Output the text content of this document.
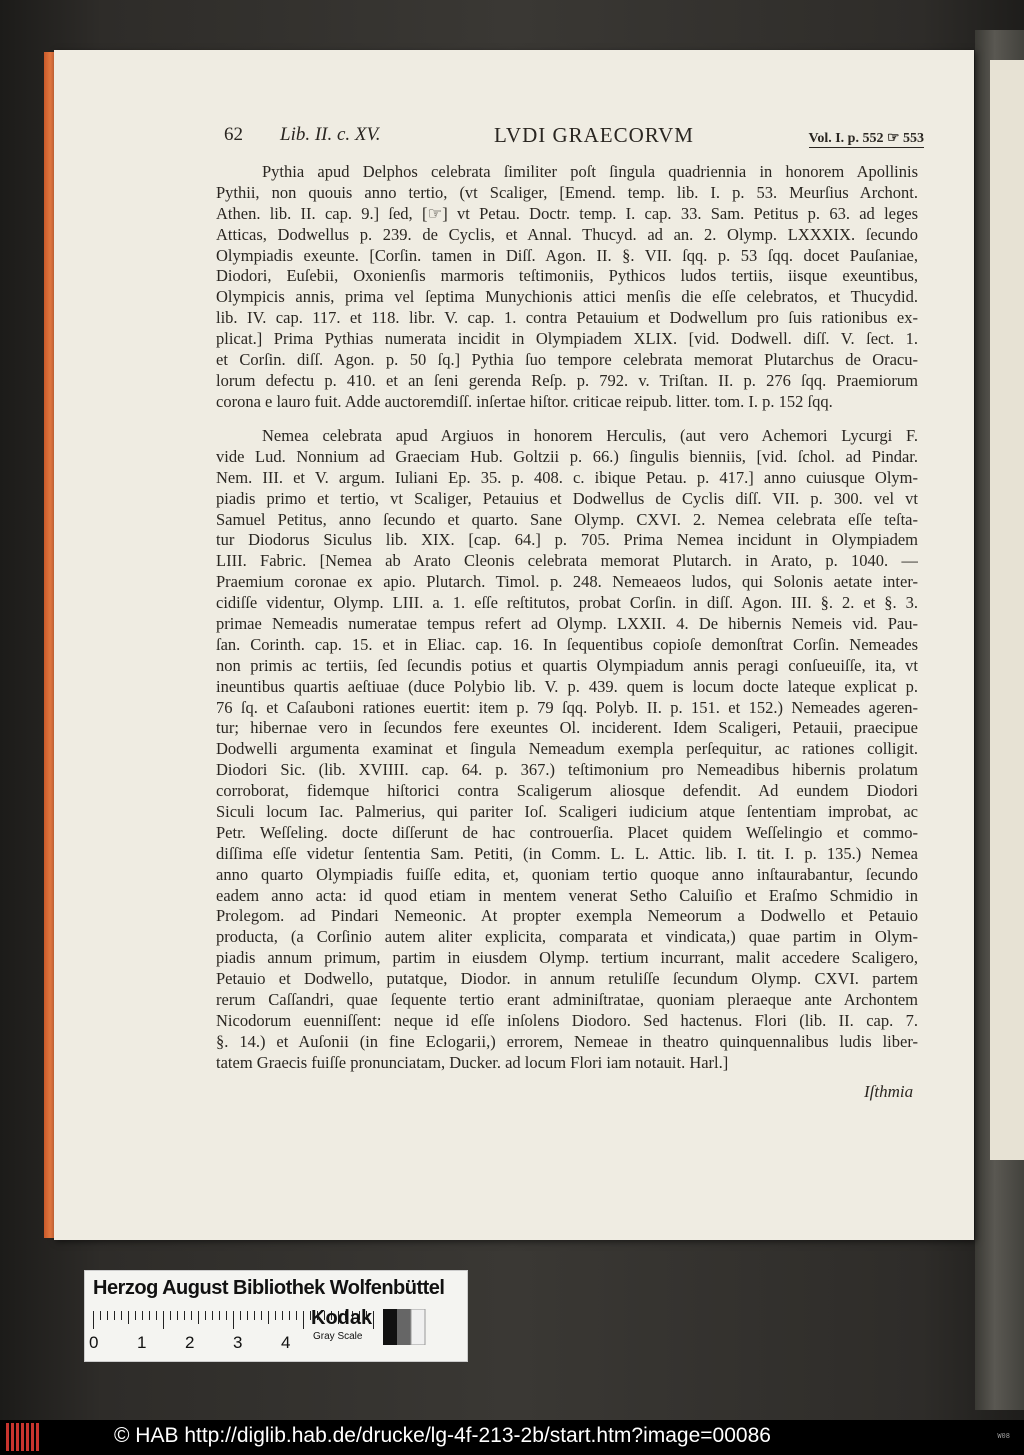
62 Lib. II. c. XV.	LVDI GRAECORVM	Vol. I. p. 552 ☞ 553
Pythia apud Delphos celebrata ſimiliter poſt ſingula quadriennia in honorem Apollinis
Pythii, non quouis anno tertio, (vt Scaliger, [Emend. temp. lib. I. p. 53. Meurſius Archont.
Athen. lib. II. cap. 9.] ſed, [☞] vt Petau. Doctr. temp. I. cap. 33. Sam. Petitus p. 63. ad leges
Atticas, Dodwellus p. 239. de Cyclis, et Annal. Thucyd. ad an. 2. Olymp. LXXXIX. ſecundo
Olympiadis exeunte. [Corſin. tamen in Diſſ. Agon. II. §. VII. ſqq. p. 53 ſqq. docet Pauſaniae,
Diodori, Euſebii, Oxonienſis marmoris teſtimoniis, Pythicos ludos tertiis, iisque exeuntibus,
Olympicis annis, prima vel ſeptima Munychionis attici menſis die eſſe celebratos, et Thucydid.
lib. IV. cap. 117. et 118. libr. V. cap. 1. contra Petauium et Dodwellum pro ſuis rationibus ex-
plicat.] Prima Pythias numerata incidit in Olympiadem XLIX. [vid. Dodwell. diſſ. V. ſect. 1.
et Corſin. diſſ. Agon. p. 50 ſq.] Pythia ſuo tempore celebrata memorat Plutarchus de Oracu-
lorum defectu p. 410. et an ſeni gerenda Reſp. p. 792. v. Triſtan. II. p. 276 ſqq. Praemiorum
corona e lauro fuit. Adde auctoremdiſſ. inſertae hiſtor. criticae reipub. litter. tom. I. p. 152 ſqq.
Nemea celebrata apud Argiuos in honorem Herculis, (aut vero Achemori Lycurgi F.
vide Lud. Nonnium ad Graeciam Hub. Goltzii p. 66.) ſingulis bienniis, [vid. ſchol. ad Pindar.
Nem. III. et V. argum. Iuliani Ep. 35. p. 408. c. ibique Petau. p. 417.] anno cuiusque Olym-
piadis primo et tertio, vt Scaliger, Petauius et Dodwellus de Cyclis diſſ. VII. p. 300. vel vt
Samuel Petitus, anno ſecundo et quarto. Sane Olymp. CXVI. 2. Nemea celebrata eſſe teſta-
tur Diodorus Siculus lib. XIX. [cap. 64.] p. 705. Prima Nemea incidunt in Olympiadem
LIII. Fabric. [Nemea ab Arato Cleonis celebrata memorat Plutarch. in Arato, p. 1040. —
Praemium coronae ex apio. Plutarch. Timol. p. 248. Nemeaeos ludos, qui Solonis aetate inter-
cidiſſe videntur, Olymp. LIII. a. 1. eſſe reſtitutos, probat Corſin. in diſſ. Agon. III. §. 2. et §. 3.
primae Nemeadis numeratae tempus refert ad Olymp. LXXII. 4. De hibernis Nemeis vid. Pau-
ſan. Corinth. cap. 15. et in Eliac. cap. 16. In ſequentibus copioſe demonſtrat Corſin. Nemeades
non primis ac tertiis, ſed ſecundis potius et quartis Olympiadum annis peragi conſueuiſſe, ita, vt
ineuntibus quartis aeſtiuae (duce Polybio lib. V. p. 439. quem is locum docte lateque explicat p.
76 ſq. et Caſauboni rationes euertit: item p. 79 ſqq. Polyb. II. p. 151. et 152.) Nemeades ageren-
tur; hibernae vero in ſecundos fere exeuntes Ol. inciderent. Idem Scaligeri, Petauii, praecipue
Dodwelli argumenta examinat et ſingula Nemeadum exempla perſequitur, ac rationes colligit.
Diodori Sic. (lib. XVIIII. cap. 64. p. 367.) teſtimonium pro Nemeadibus hibernis prolatum
corroborat, fidemque hiſtorici contra Scaligerum aliosque defendit. Ad eundem Diodori
Siculi locum Iac. Palmerius, qui pariter Ioſ. Scaligeri iudicium atque ſententiam improbat, ac
Petr. Weſſeling. docte diſſerunt de hac controuerſia. Placet quidem Weſſelingio et commo-
diſſima eſſe videtur ſententia Sam. Petiti, (in Comm. L. L. Attic. lib. I. tit. I. p. 135.) Nemea
anno quarto Olympiadis fuiſſe edita, et, quoniam tertio quoque anno inſtaurabantur, ſecundo
eadem anno acta: id quod etiam in mentem venerat Setho Caluiſio et Eraſmo Schmidio in
Prolegom. ad Pindari Nemeonic. At propter exempla Nemeorum a Dodwello et Petauio
producta, (a Corſinio autem aliter explicita, comparata et vindicata,) quae partim in Olym-
piadis annum primum, partim in eiusdem Olymp. tertium incurrant, malit accedere Scaligero,
Petauio et Dodwello, putatque, Diodor. in annum retuliſſe ſecundum Olymp. CXVI. partem
rerum Caſſandri, quae ſequente tertio erant adminiſtratae, quoniam pleraeque ante Archontem
Nicodorum euenniſſent: neque id eſſe inſolens Diodoro. Sed hactenus. Flori (lib. II. cap. 7.
§. 14.) et Auſonii (in fine Eclogarii,) errorem, Nemeae in theatro quinquennalibus ludis liber-
tatem Graecis fuiſſe pronunciatam, Ducker. ad locum Flori iam notauit. Harl.]
Iſthmia
Herzog August Bibliothek Wolfenbüttel
0 1 2 3 4
Kodak
Gray Scale
© HAB http://diglib.hab.de/drucke/lg-4f-213-2b/start.htm?image=00086	W08
